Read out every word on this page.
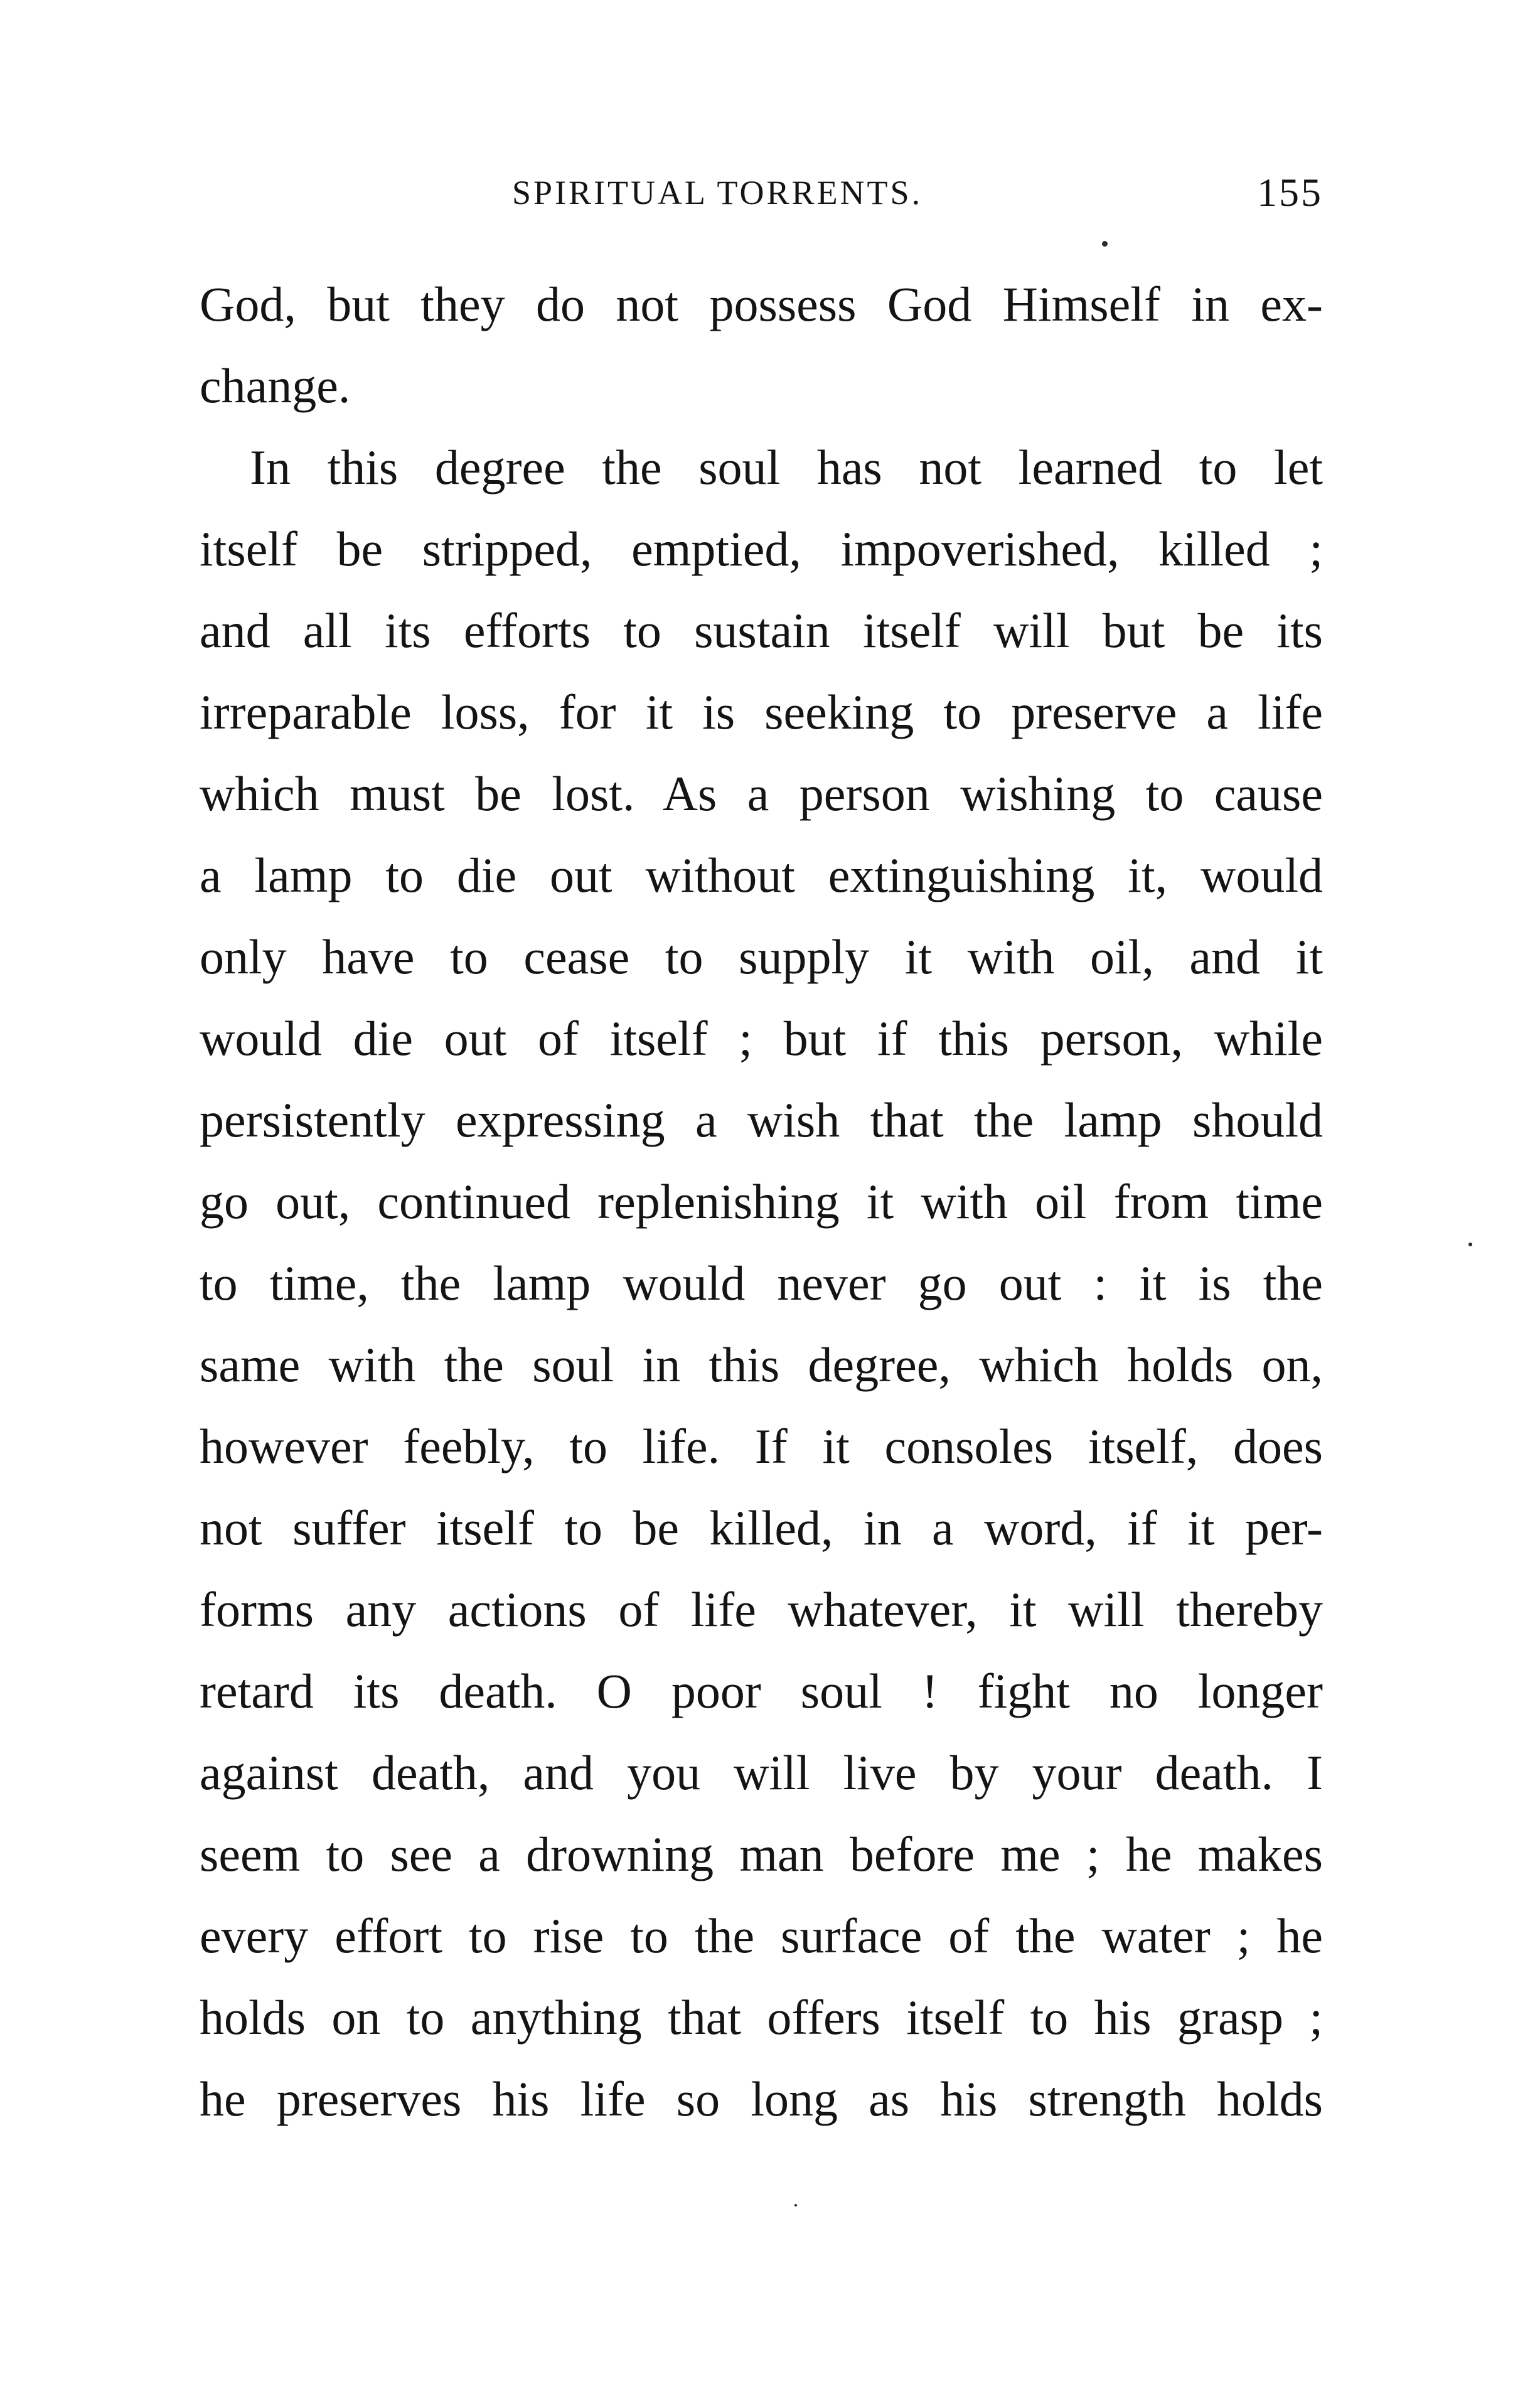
SPIRITUAL TORRENTS.	155
God, but they do not possess God Himself in ex-
change.
In this degree the soul has not learned to let
itself be stripped, emptied, impoverished, killed ;
and all its efforts to sustain itself will but be its
irreparable loss, for it is seeking to preserve a life
which must be lost. As a person wishing to cause
a lamp to die out without extinguishing it, would
only have to cease to supply it with oil, and it
would die out of itself ; but if this person, while
persistently expressing a wish that the lamp should
go out, continued replenishing it with oil from time
to time, the lamp would never go out : it is the
same with the soul in this degree, which holds on,
however feebly, to life. If it consoles itself, does
not suffer itself to be killed, in a word, if it per-
forms any actions of life whatever, it will thereby
retard its death. O poor soul ! fight no longer
against death, and you will live by your death. I
seem to see a drowning man before me ; he makes
every effort to rise to the surface of the water ; he
holds on to anything that offers itself to his grasp ;
he preserves his life so long as his strength holds
